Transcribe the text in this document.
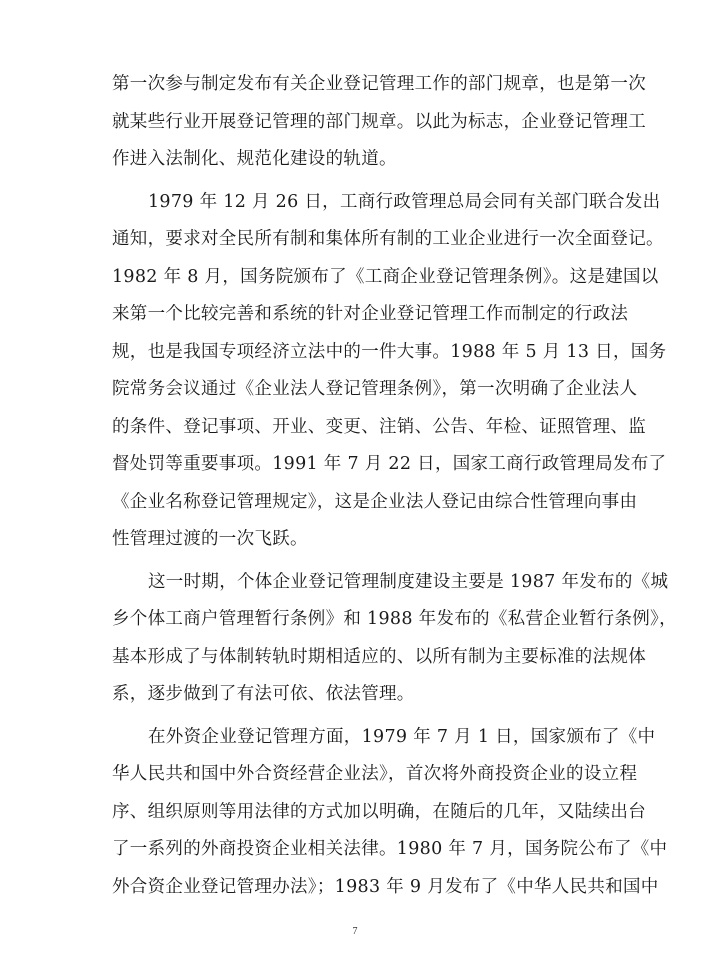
第一次参与制定发布有关企业登记管理工作的部门规章，也是第一次
就某些行业开展登记管理的部门规章。以此为标志，企业登记管理工
作进入法制化、规范化建设的轨道。
1979 年 12 月 26 日，工商行政管理总局会同有关部门联合发出
通知，要求对全民所有制和集体所有制的工业企业进行一次全面登记。
1982 年 8 月，国务院颁布了《工商企业登记管理条例》。这是建国以
来第一个比较完善和系统的针对企业登记管理工作而制定的行政法
规，也是我国专项经济立法中的一件大事。1988 年 5 月 13 日，国务
院常务会议通过《企业法人登记管理条例》，第一次明确了企业法人
的条件、登记事项、开业、变更、注销、公告、年检、证照管理、监
督处罚等重要事项。1991 年 7 月 22 日，国家工商行政管理局发布了
《企业名称登记管理规定》，这是企业法人登记由综合性管理向事由
性管理过渡的一次飞跃。
这一时期，个体企业登记管理制度建设主要是 1987 年发布的《城
乡个体工商户管理暂行条例》和 1988 年发布的《私营企业暂行条例》，
基本形成了与体制转轨时期相适应的、以所有制为主要标准的法规体
系，逐步做到了有法可依、依法管理。
在外资企业登记管理方面，1979 年 7 月 1 日，国家颁布了《中
华人民共和国中外合资经营企业法》，首次将外商投资企业的设立程
序、组织原则等用法律的方式加以明确，在随后的几年，又陆续出台
了一系列的外商投资企业相关法律。1980 年 7 月，国务院公布了《中
外合资企业登记管理办法》；1983 年 9 月发布了《中华人民共和国中
7
